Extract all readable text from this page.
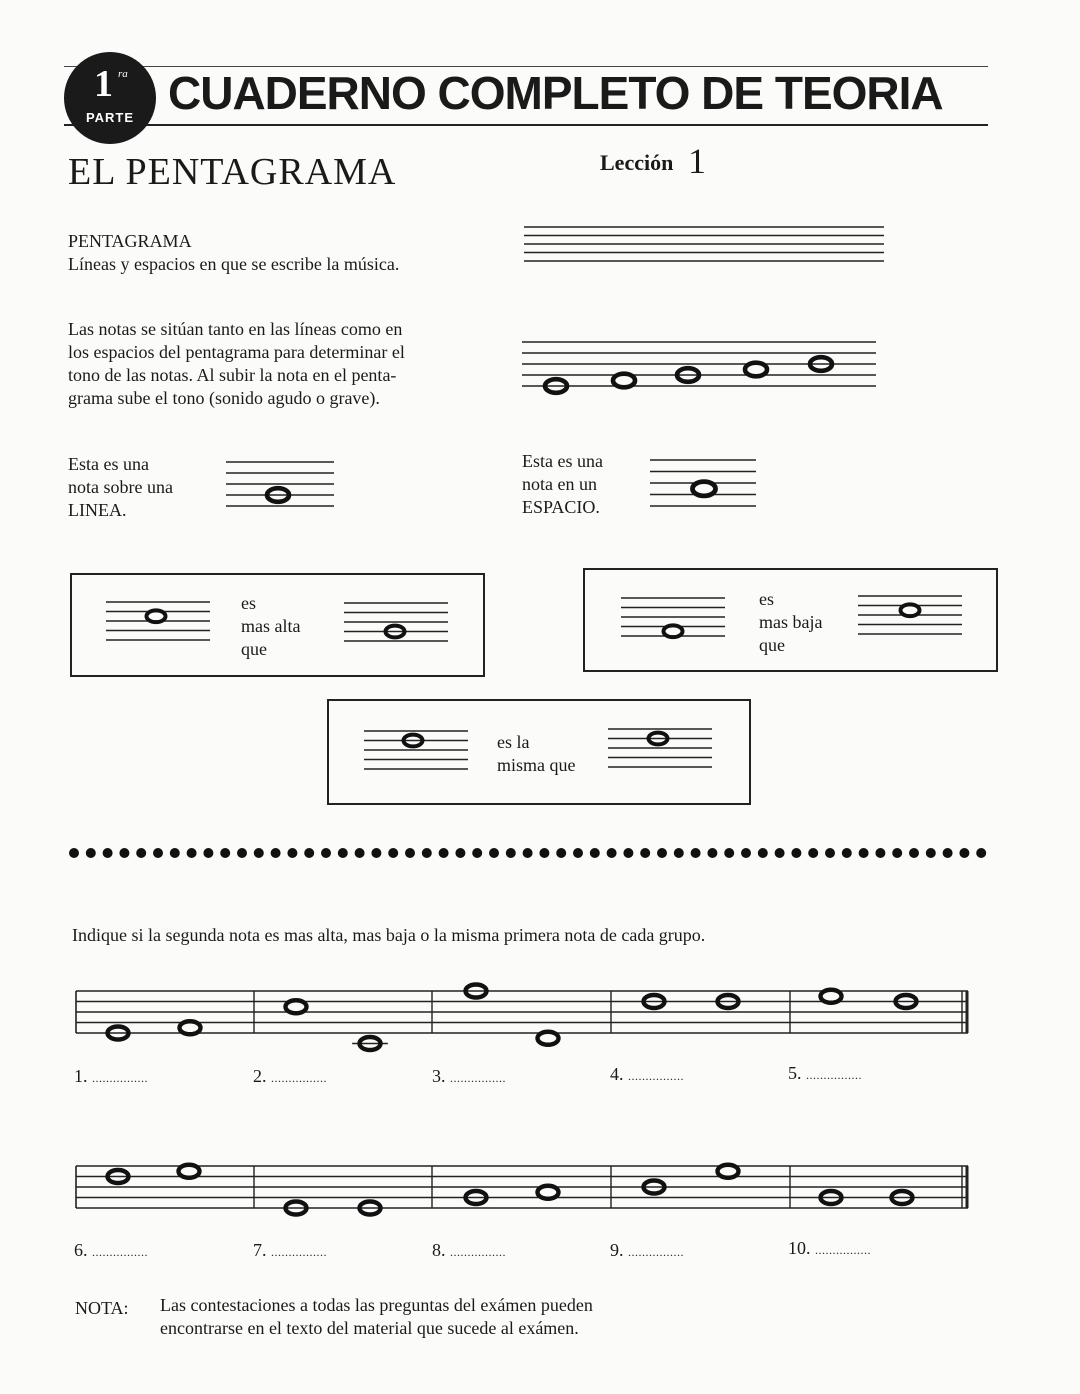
1 ra
PARTE CUADERNO COMPLETO DE TEORIA
EL PENTAGRAMA	Lección 1
PENTAGRAMA
Líneas y espacios en que se escribe la música.
Las notas se sitúan tanto en las líneas como en
los espacios del pentagrama para determinar el
tono de las notas. Al subir la nota en el penta-
grama sube el tono (sonido agudo o grave).
Esta es una
nota sobre una
LINEA.
Esta es una
nota en un
ESPACIO.
es
mas alta
que
es
mas baja
que
es la
misma que
Indique si la segunda nota es mas alta, mas baja o la misma primera nota de cada grupo.
1. ................	2. ................	3. ................	4. ................	5. ................
6. ................	7. ................	8. ................	9. ................	10. ................
NOTA: Las contestaciones a todas las preguntas del exámen pueden
encontrarse en el texto del material que sucede al exámen.
